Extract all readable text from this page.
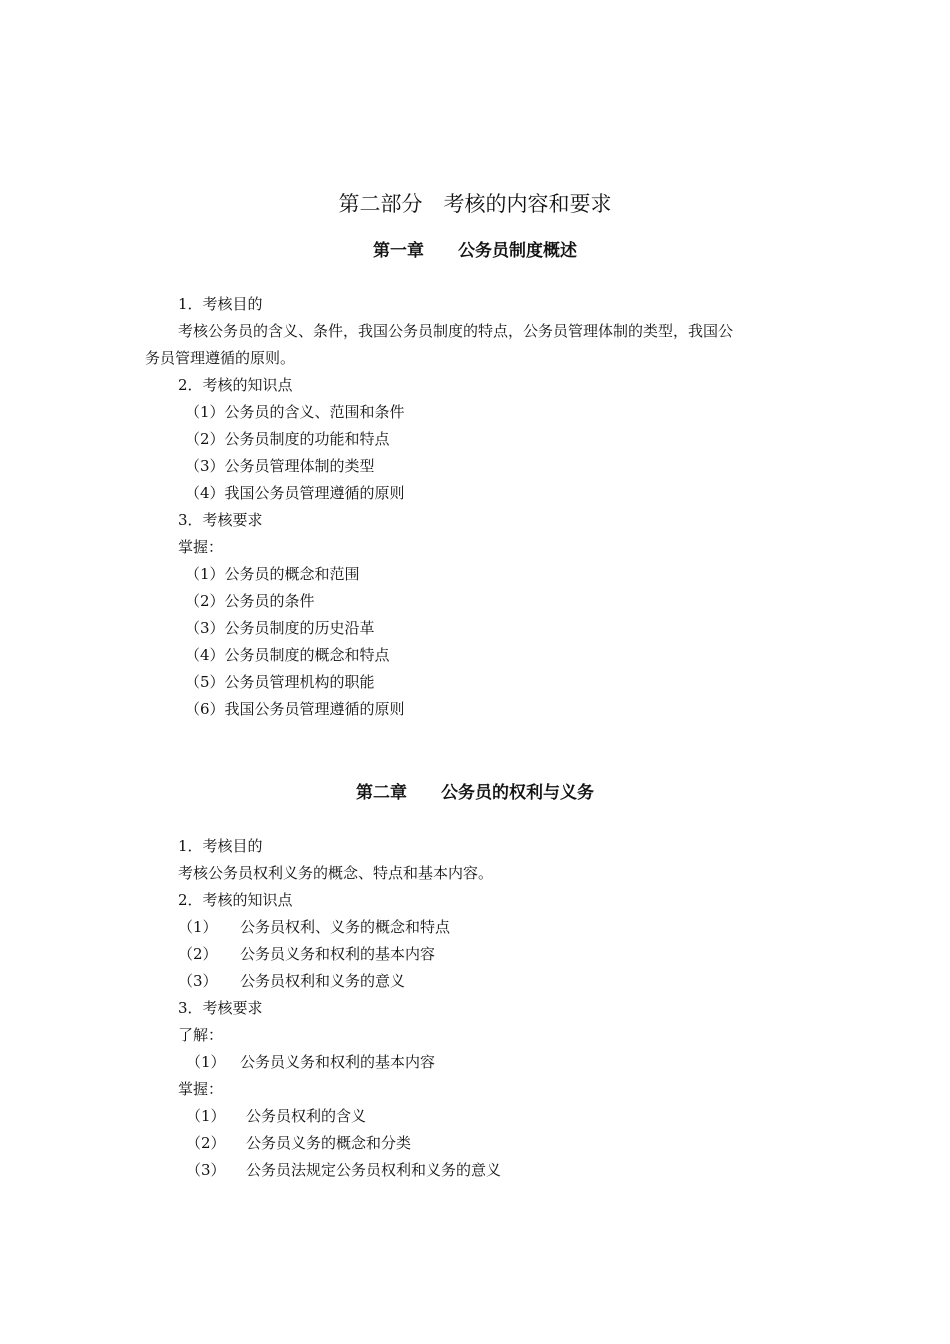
第二部分　考核的内容和要求
第一章　　公务员制度概述
1．考核目的
考核公务员的含义、条件，我国公务员制度的特点，公务员管理体制的类型，我国公
务员管理遵循的原则。
2．考核的知识点
（1）公务员的含义、范围和条件
（2）公务员制度的功能和特点
（3）公务员管理体制的类型
（4）我国公务员管理遵循的原则
3．考核要求
掌握：
（1）公务员的概念和范围
（2）公务员的条件
（3）公务员制度的历史沿革
（4）公务员制度的概念和特点
（5）公务员管理机构的职能
（6）我国公务员管理遵循的原则
第二章　　公务员的权利与义务
1．考核目的
考核公务员权利义务的概念、特点和基本内容。
2．考核的知识点
（1） 公务员权利、义务的概念和特点
（2） 公务员义务和权利的基本内容
（3） 公务员权利和义务的意义
3．考核要求
了解：
（1） 公务员义务和权利的基本内容
掌握：
（1） 公务员权利的含义
（2） 公务员义务的概念和分类
（3） 公务员法规定公务员权利和义务的意义
